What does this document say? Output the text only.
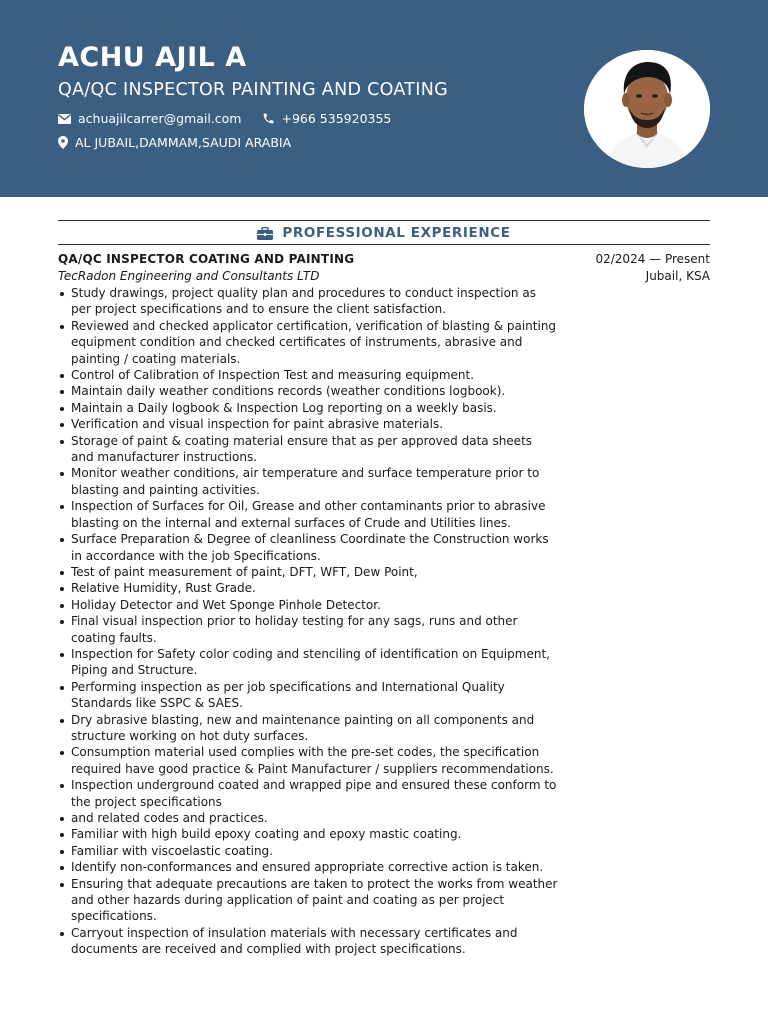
ACHU AJIL A
QA/QC INSPECTOR PAINTING AND COATING
achuajilcarrer@gmail.com	+966 535920355
AL JUBAIL,DAMMAM,SAUDI ARABIA
PROFESSIONAL EXPERIENCE
QA/QC INSPECTOR COATING AND PAINTING	02/2024 — Present
TecRadon Engineering and Consultants LTD	Jubail, KSA
Study drawings, project quality plan and procedures to conduct inspection as per project specifications and to ensure the client satisfaction.
Reviewed and checked applicator certification, verification of blasting & painting equipment condition and checked certificates of instruments, abrasive and painting / coating materials.
Control of Calibration of Inspection Test and measuring equipment.
Maintain daily weather conditions records (weather conditions logbook).
Maintain a Daily logbook & Inspection Log reporting on a weekly basis.
Verification and visual inspection for paint abrasive materials.
Storage of paint & coating material ensure that as per approved data sheets and manufacturer instructions.
Monitor weather conditions, air temperature and surface temperature prior to blasting and painting activities.
Inspection of Surfaces for Oil, Grease and other contaminants prior to abrasive blasting on the internal and external surfaces of Crude and Utilities lines.
Surface Preparation & Degree of cleanliness Coordinate the Construction works in accordance with the job Specifications.
Test of paint measurement of paint, DFT, WFT, Dew Point,
Relative Humidity, Rust Grade.
Holiday Detector and Wet Sponge Pinhole Detector.
Final visual inspection prior to holiday testing for any sags, runs and other coating faults.
Inspection for Safety color coding and stenciling of identification on Equipment, Piping and Structure.
Performing inspection as per job specifications and International Quality Standards like SSPC & SAES.
Dry abrasive blasting, new and maintenance painting on all components and structure working on hot duty surfaces.
Consumption material used complies with the pre-set codes, the specification required have good practice & Paint Manufacturer / suppliers recommendations.
Inspection underground coated and wrapped pipe and ensured these conform to the project specifications
and related codes and practices.
Familiar with high build epoxy coating and epoxy mastic coating.
Familiar with viscoelastic coating.
Identify non-conformances and ensured appropriate corrective action is taken.
Ensuring that adequate precautions are taken to protect the works from weather and other hazards during application of paint and coating as per project specifications.
Carryout inspection of insulation materials with necessary certificates and documents are received and complied with project specifications.
